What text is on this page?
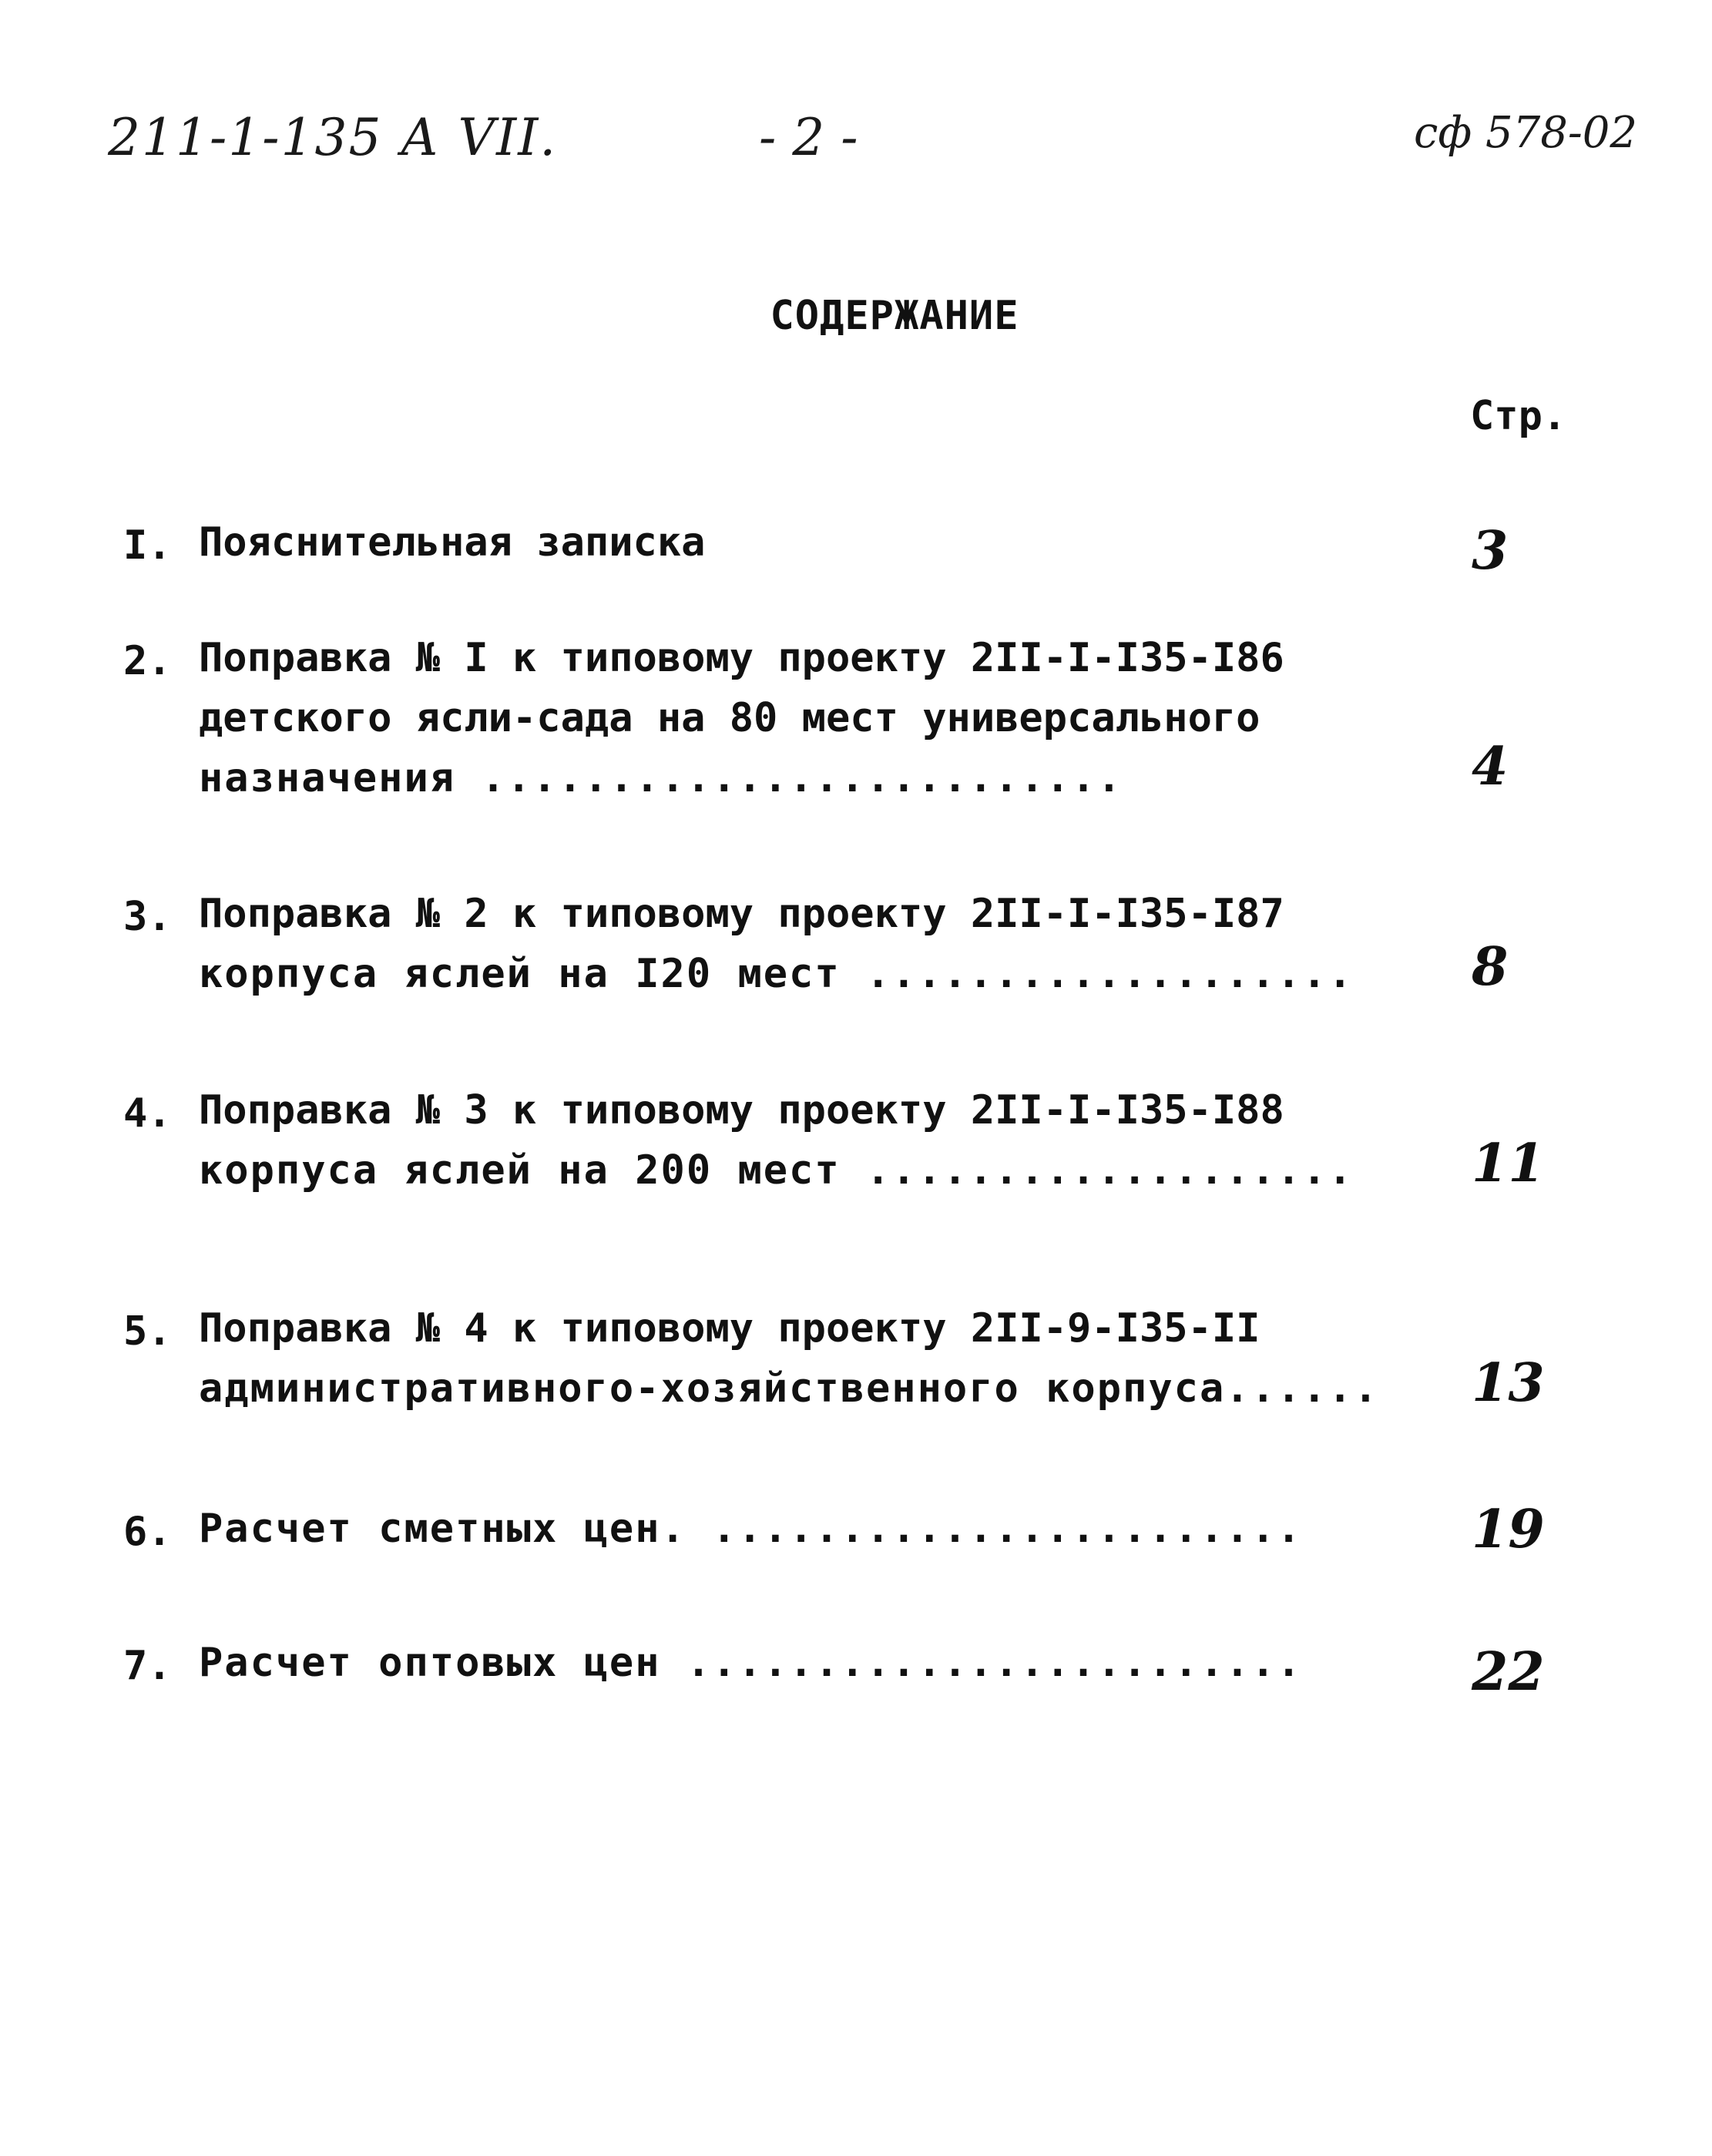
211-1-135 А VII.	- 2 -	сф 578-02
СОДЕРЖАНИЕ
Стр.
I. Пояснительная записка	3
2. Поправка № I к типовому проекту 2II-I-I35-I86
детского ясли-сада на 80 мест универсального
назначения .........................	4
3. Поправка № 2 к типовому проекту 2II-I-I35-I87
корпуса яслей на I20 мест ................... 8
4. Поправка № 3 к типовому проекту 2II-I-I35-I88
корпуса яслей на 200 мест ................... 11
5. Поправка № 4 к типовому проекту 2II-9-I35-II
административного-хозяйственного корпуса...... 13
6. Расчет сметных цен. .......................	19
7. Расчет оптовых цен ........................	22
